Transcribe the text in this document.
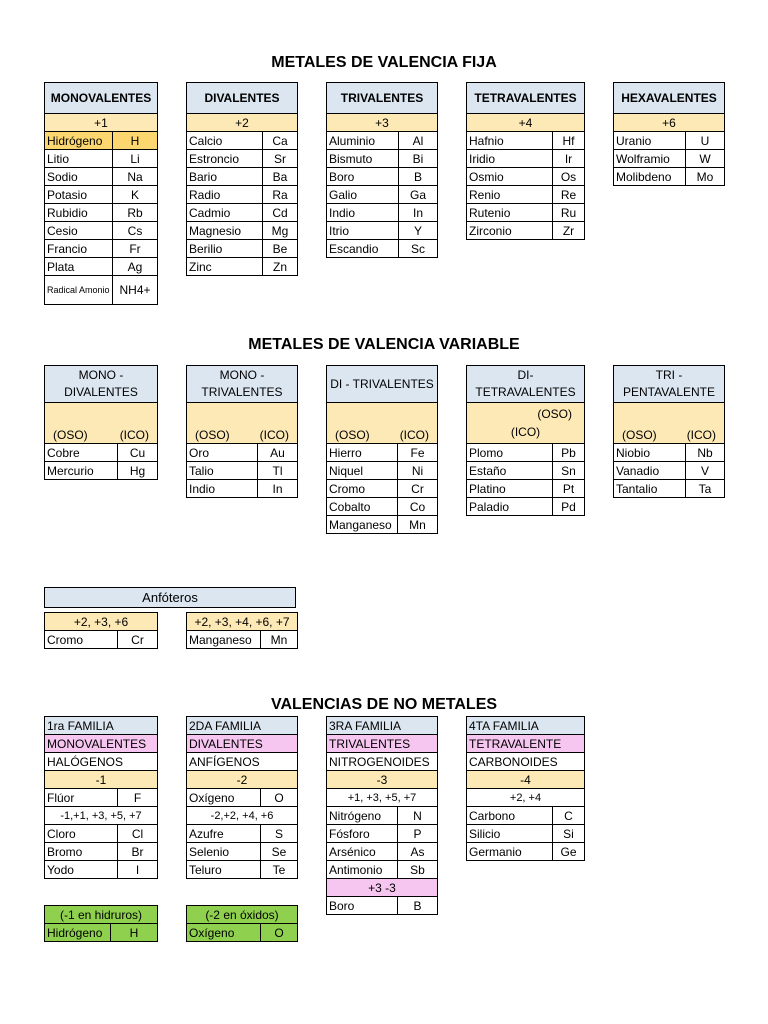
METALES DE VALENCIA FIJA
MONOVALENTES	
+1	
Hidrógeno	H
Litio	Li
Sodio	Na
Potasio	K
Rubidio	Rb
Cesio	Cs
Francio	Fr
Plata	Ag
Radical Amonio	NH4+
DIVALENTES	
+2	
Calcio	Ca
Estroncio	Sr
Bario	Ba
Radio	Ra
Cadmio	Cd
Magnesio	Mg
Berilio	Be
Zinc	Zn
TRIVALENTES	
+3	
Aluminio	Al
Bismuto	Bi
Boro	B
Galio	Ga
Indio	In
Itrio	Y
Escandio	Sc
TETRAVALENTES	
+4	
Hafnio	Hf
Iridio	Ir
Osmio	Os
Renio	Re
Rutenio	Ru
Zirconio	Zr
HEXAVALENTES	
+6	
Uranio	U
Wolframio	W
Molibdeno	Mo
METALES DE VALENCIA VARIABLE
MONO - DIVALENTES	

(OSO) (ICO)	

Cobre	Cu
Mercurio	Hg
MONO - TRIVALENTES	

(OSO) (ICO)	

Oro	Au
Talio	Tl
Indio	In
DI - TRIVALENTES	

(OSO) (ICO)	

Hierro	Fe
Niquel	Ni
Cromo	Cr
Cobalto	Co
Manganeso	Mn
DI- TETRAVALENTES	

(OSO)
(ICO)	

Plomo	Pb
Estaño	Sn
Platino	Pt
Paladio	Pd
TRI - PENTAVALENTE	

(OSO) (ICO)	

Niobio	Nb
Vanadio	V
Tantalio	Ta
Anfóteros
+2, +3, +6
Cromo	Cr
+2, +3, +4, +6, +7
Manganeso	Mn
VALENCIAS DE NO METALES
1ra FAMILIA	
MONOVALENTES	
HALÓGENOS	
-1	
Flúor	F
-1,+1, +3, +5, +7	
Cloro	Cl
Bromo	Br
Yodo	I
(-1 en hidruros)
Hidrógeno	H
2DA FAMILIA	
DIVALENTES	
ANFÍGENOS	
-2	
Oxígeno	O
-2,+2, +4, +6	
Azufre	S
Selenio	Se
Teluro	Te
(-2 en óxidos)
Oxígeno	O
3RA FAMILIA	
TRIVALENTES	
NITROGENOIDES	
-3	
+1, +3, +5, +7	
Nitrógeno	N
Fósforo	P
Arsénico	As
Antimonio	Sb
+3 -3	
Boro	B
4TA FAMILIA	
TETRAVALENTE	
CARBONOIDES	
-4	
+2, +4	
Carbono	C
Silicio	Si
Germanio	Ge
